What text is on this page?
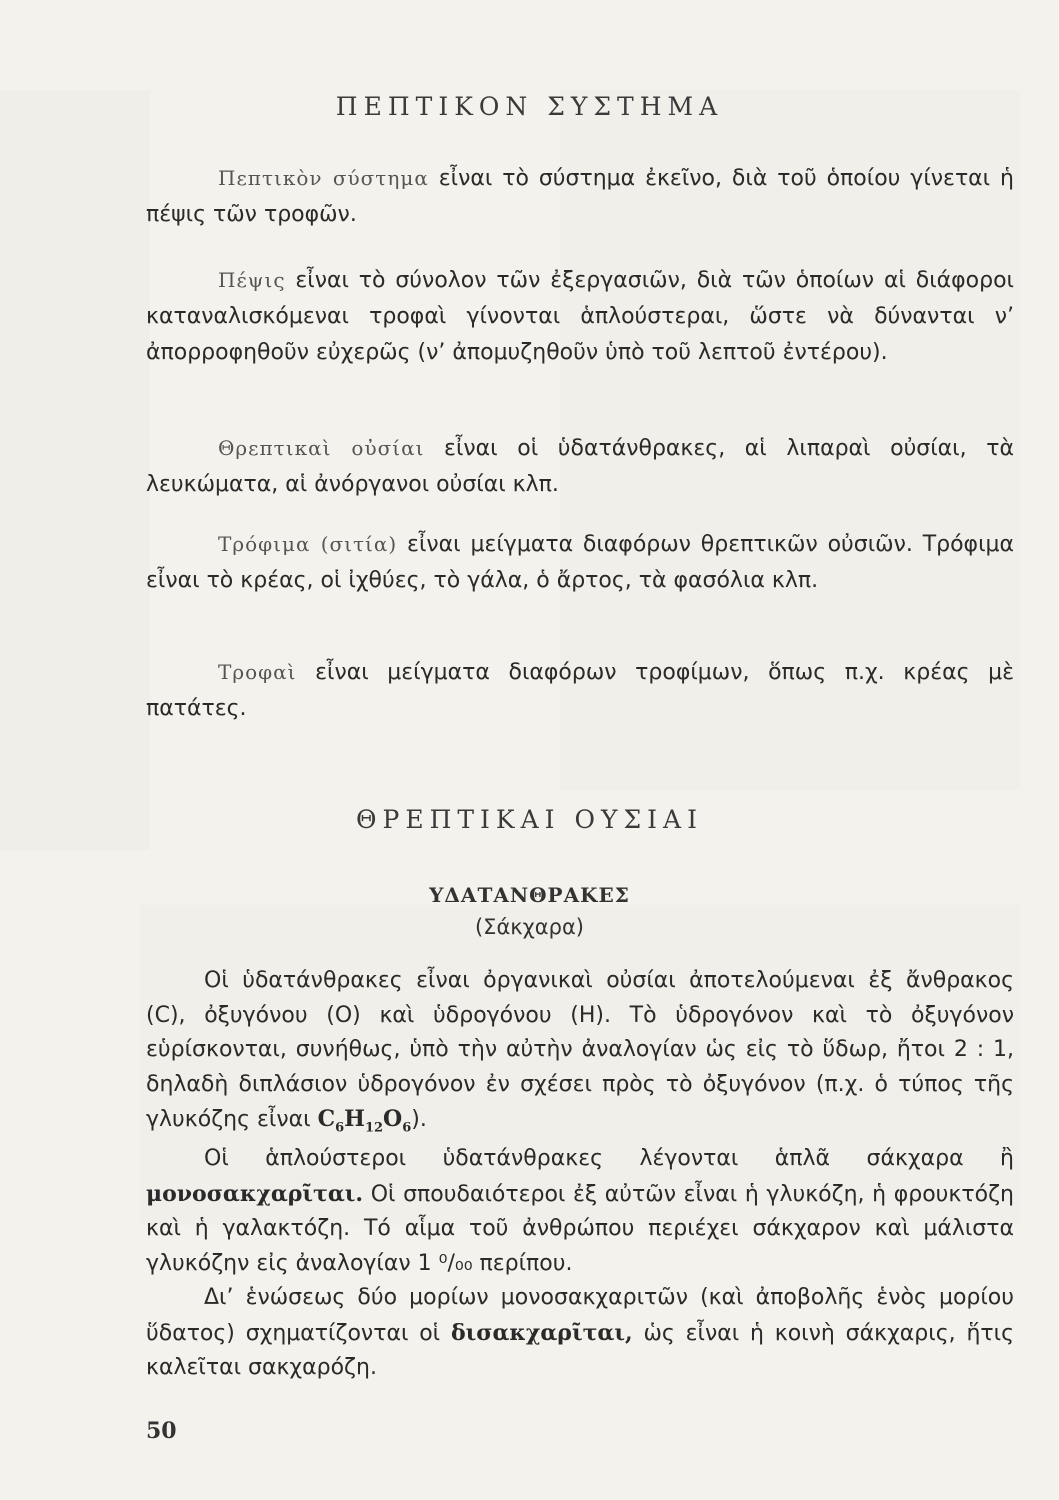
ΠΕΠΤΙΚΟΝ ΣΥΣΤΗΜΑ
Πεπτικὸν σύστημα εἶναι τὸ σύστημα ἐκεῖνο, διὰ τοῦ ὁποίου γίνεται ἡ πέψις τῶν τροφῶν.
Πέψις εἶναι τὸ σύνολον τῶν ἐξεργασιῶν, διὰ τῶν ὁποίων αἱ διάφοροι καταναλισκόμεναι τροφαὶ γίνονται ἁπλούστεραι, ὥστε νὰ δύνανται ν’ ἀπορροφηθοῦν εὐχερῶς (ν’ ἀπομυζηθοῦν ὑπὸ τοῦ λεπτοῦ ἐντέρου).
Θρεπτικαὶ οὐσίαι εἶναι οἱ ὑδατάνθρακες, αἱ λιπαραὶ οὐσίαι, τὰ λευκώματα, αἱ ἀνόργανοι οὐσίαι κλπ.
Τρόφιμα (σιτία) εἶναι μείγματα διαφόρων θρεπτικῶν οὐσιῶν. Τρόφιμα εἶναι τὸ κρέας, οἱ ἰχθύες, τὸ γάλα, ὁ ἄρτος, τὰ φασόλια κλπ.
Τροφαὶ εἶναι μείγματα διαφόρων τροφίμων, ὅπως π.χ. κρέας μὲ πατάτες.
ΘΡΕΠΤΙΚΑΙ ΟΥΣΙΑΙ
ΥΔΑΤΑΝΘΡΑΚΕΣ
(Σάκχαρα)
Οἱ ὑδατάνθρακες εἶναι ὀργανικαὶ οὐσίαι ἀποτελούμεναι ἐξ ἄνθρακος (C), ὀξυγόνου (O) καὶ ὑδρογόνου (H). Τὸ ὑδρογόνον καὶ τὸ ὀξυγόνον εὑρίσκονται, συνήθως, ὑπὸ τὴν αὐτὴν ἀναλογίαν ὡς εἰς τὸ ὕδωρ, ἤτοι 2 : 1, δηλαδὴ διπλάσιον ὑδρογόνον ἐν σχέσει πρὸς τὸ ὀξυγόνον (π.χ. ὁ τύπος τῆς γλυκόζης εἶναι $C_6H_{12}O_6$).
Οἱ ἁπλούστεροι ὑδατάνθρακες λέγονται ἁπλᾶ σάκχαρα ἢ μονοσακχαρῖται. Οἱ σπουδαιότεροι ἐξ αὐτῶν εἶναι ἡ γλυκόζη, ἡ φρουκτόζη καὶ ἡ γαλακτόζη. Τό αἷμα τοῦ ἀνθρώπου περιέχει σάκχαρον καὶ μάλιστα γλυκόζην εἰς ἀναλογίαν 1 ⁰/₀₀ περίπου.
Δι’ ἑνώσεως δύο μορίων μονοσακχαριτῶν (καὶ ἀποβολῆς ἑνὸς μορίου ὕδατος) σχηματίζονται οἱ δισακχαρῖται, ὡς εἶναι ἡ κοινὴ σάκχαρις, ἥτις καλεῖται σακχαρόζη.
50
